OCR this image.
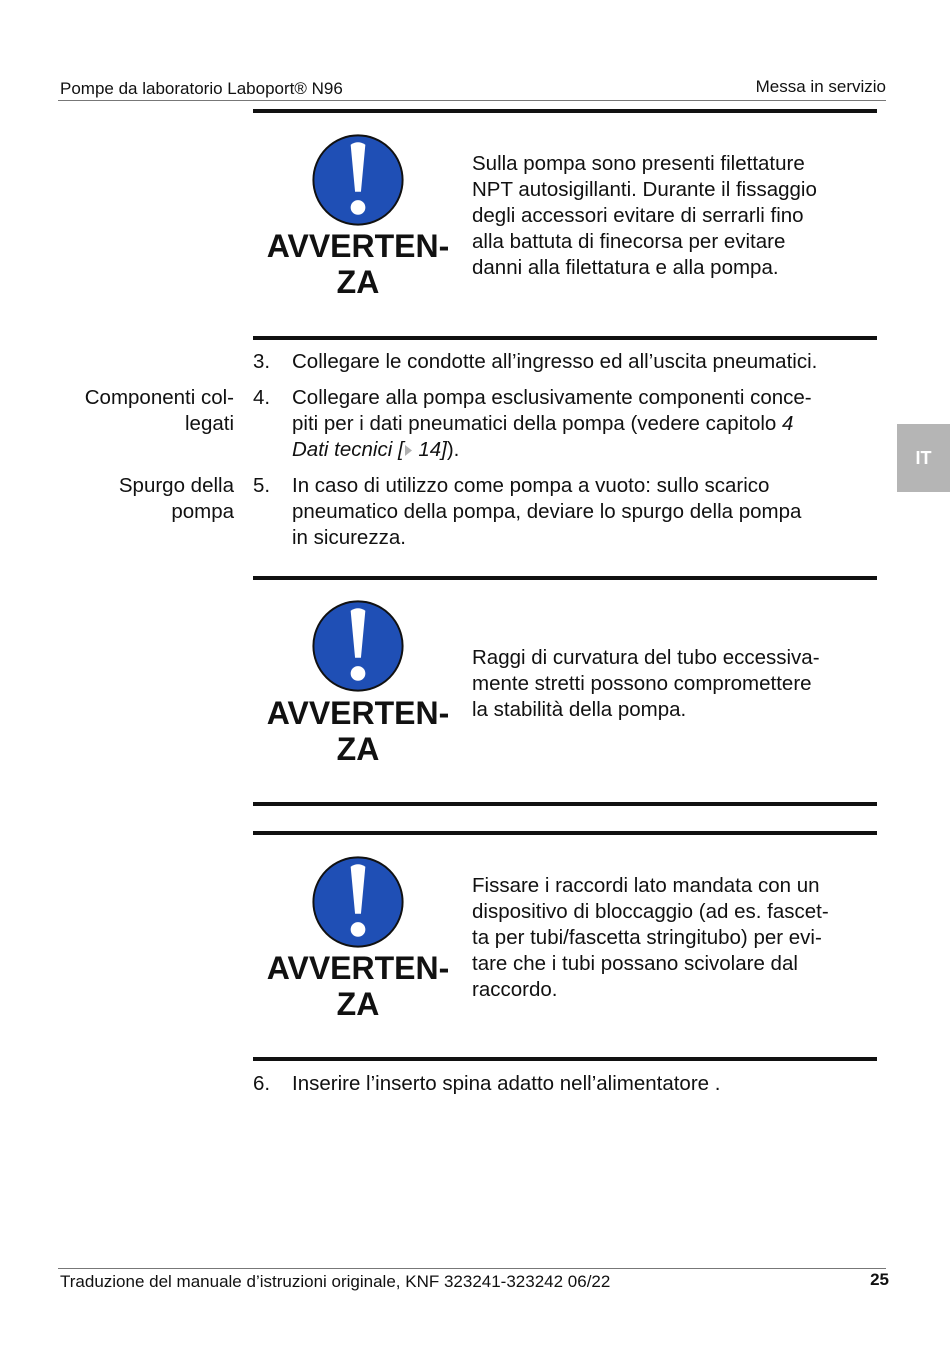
Pompe da laboratorio Laboport® N96	Messa in servizio
IT
AVVERTEN-
ZA
Sulla pompa sono presenti filettature
NPT autosigillanti. Durante il fissaggio
degli accessori evitare di serrarli fino
alla battuta di finecorsa per evitare
danni alla filettatura e alla pompa.
3. Collegare le condotte all’ingresso ed all’uscita pneumatici.
Componenti col-
legati
4. Collegare alla pompa esclusivamente componenti conce-
piti per i dati pneumatici della pompa (vedere capitolo 4
Dati tecnici [ 14]).
Spurgo della
pompa
5. In caso di utilizzo come pompa a vuoto: sullo scarico
pneumatico della pompa, deviare lo spurgo della pompa
in sicurezza.
AVVERTEN-
ZA
Raggi di curvatura del tubo eccessiva-
mente stretti possono compromettere
la stabilità della pompa.
AVVERTEN-
ZA
Fissare i raccordi lato mandata con un
dispositivo di bloccaggio (ad es. fascet-
ta per tubi/fascetta stringitubo) per evi-
tare che i tubi possano scivolare dal
raccordo.
6. Inserire l’inserto spina adatto nell’alimentatore .
Traduzione del manuale d’istruzioni originale, KNF 323241-323242 06/22	25
